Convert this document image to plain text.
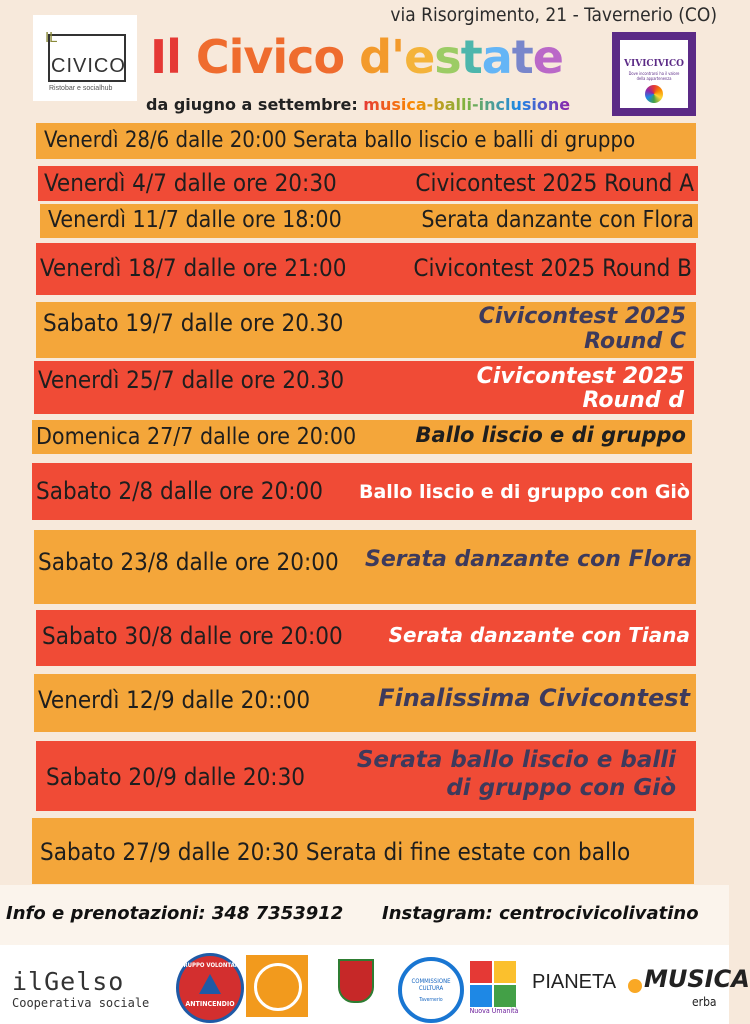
via Risorgimento, 21 - Tavernerio (CO)
IL
CIVICO
Ristobar e socialhub
Il Civico d'estate
da giugno a settembre: musica-balli-inclusione
VIVICIVICO
Dove incontrarsi ha il valore della appartenenza
Venerdì 28/6 dalle 20:00 Serata ballo liscio e balli di gruppo
Venerdì 4/7 dalle ore 20:30	Civicontest 2025 Round A
Venerdì 11/7 dalle ore 18:00	Serata danzante con Flora
Venerdì 18/7 dalle ore 21:00	Civicontest 2025 Round B
Sabato 19/7 dalle ore 20.30	Civicontest 2025
Round C
Venerdì 25/7 dalle ore 20.30	Civicontest 2025
Round d
Domenica 27/7 dalle ore 20:00	Ballo liscio e di gruppo
Sabato 2/8 dalle ore 20:00 Ballo liscio e di gruppo con Giò
Sabato 23/8 dalle ore 20:00 Serata danzante con Flora
Sabato 30/8 dalle ore 20:00 Serata danzante con Tiana
Venerdì 12/9 dalle 20::00	Finalissima Civicontest
Sabato 20/9 dalle 20:30
Serata ballo liscio e balli
di gruppo con Giò
Sabato 27/9 dalle 20:30 Serata di fine estate con ballo
Info e prenotazioni: 348 7353912 Instagram: centrocivicolivatino
ilGelso
Cooperativa sociale
GRUPPO VOLONTARI
ANTINCENDIO
COMMISSIONE CULTURA
Tavernerio
Nuova Umanità
PIANETA MUSICA
erba
